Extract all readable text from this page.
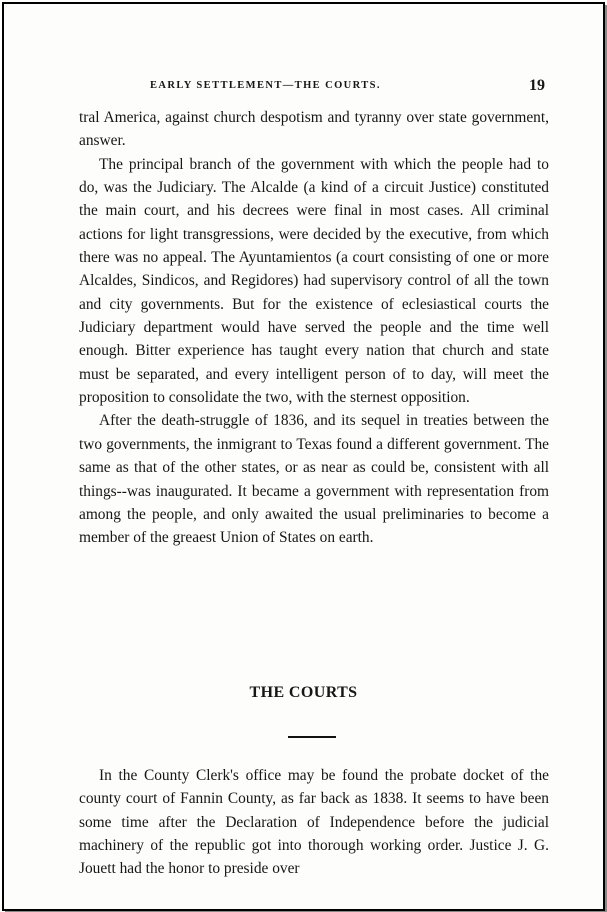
EARLY SETTLEMENT—THE COURTS.	19

tral America, against church despotism and tyranny over state government, answer.

The principal branch of the government with which the people had to do, was the Judiciary. The Alcalde (a kind of a circuit Justice) constituted the main court, and his decrees were final in most cases. All criminal actions for light transgressions, were decided by the executive, from which there was no appeal. The Ayuntamientos (a court consisting of one or more Alcaldes, Sindicos, and Regidores) had supervisory control of all the town and city governments. But for the existence of eclesiastical courts the Judiciary department would have served the people and the time well enough. Bitter experience has taught every nation that church and state must be separated, and every intelligent person of to day, will meet the proposition to consolidate the two, with the sternest opposition.

After the death-struggle of 1836, and its sequel in treaties between the two governments, the inmigrant to Texas found a different government. The same as that of the other states, or as near as could be, consistent with all things--was inaugurated. It became a government with representation from among the people, and only awaited the usual preliminaries to become a member of the greaest Union of States on earth.

THE COURTS

In the County Clerk's office may be found the probate docket of the county court of Fannin County, as far back as 1838. It seems to have been some time after the Declaration of Independence before the judicial machinery of the republic got into thorough working order. Justice J. G. Jouett had the honor to preside over
